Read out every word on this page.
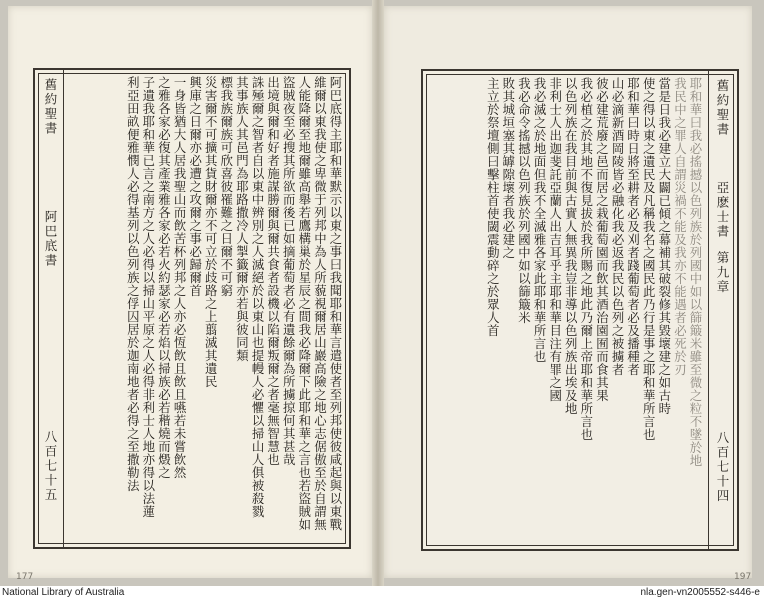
舊約聖書
阿巴底書
八百七十五	阿巴底得主耶和華默示以東之事曰我聞耶和華言遣使者至列邦使彼咸起與以東戰
維爾以東我使之卑微于列邦中為人所藐視爾居山巖高險之地心志倨傲至於自謂無
人能降爾至地爾雖高舉若鷹構巢於星辰之間我必降爾下此耶和華之言也若盜賊如
盜賊夜至必搜其所欲而後已如摘葡萄者必有遺餘爾為所擄掠何其甚哉
出境與爾和好者施謀勝爾與爾共食者設機以陷爾叛爾之者毫無智慧也
誅殛爾之智者自以東中辨別之人滅絕於以東山也提幔人必懼以掃山人俱被殺戮
其事族人其邑門為耶路撒冷人掣籤爾亦若與彼同類
標我族爾族可欣喜彼罹難之日爾不可窮
災害爾不可擴其貨財爾亦不可立於歧路之上翦滅其遺民
興庫之日爾亦必遭之攻爾之事必歸爾首
一身皆猶大人居我聖山而飲苦杯列邦之人亦必恆飲且飲且嚥若未嘗飲然
之雅各家必復其產業雅各家必若火約瑟家必若焰以掃族必若稭燒而燬之
子遺我耶和華已言之南方之人必得以掃山平原之人必得非利士人地亦得以法蓮
利亞田畝便雅憫人必得基列以色列族之俘囚居於迦南地者必得之至撒勒法
177
耶和華曰我必搖撼以色列族於列國中如以篩簸米雖至微之粒不墜於地
我民中之罪人自謂災禍不能及我亦不能遇者必死於刃
當是日我必建立大闢已傾之幕補其破裂修其毀壞建之如古時
使之得以東之遺民及凡稱我名之國民此乃行是事之耶和華所言也
耶和華曰時日將至耕者必及刈者踐葡萄者必及播種者
山必滴新酒岡陵皆必融化我必返我民以色列之被擄者
彼必建荒廢之邑而居之栽葡萄園而飲其酒治園囿而食其果
我必植之於其地不復見拔於我所賜之地此乃爾上帝耶和華所言也
以色列族在我目前與古實人無異我豈非導以色列族出埃及地
非利士人出迦斐託亞蘭人出吉耳乎主耶和華目注有罪之國
我必滅之於地面但我不全滅雅各家此耶和華所言也
我必命令搖撼以色列族於列國中如以篩簸米
敗其城垣塞其罅隙壞者我必建之
主立於祭壇側曰擊柱首使閾震動碎之於眾人首	舊約聖書
亞麽士書
第九章
八百七十四
197
National Library of Australia	nla.gen-vn2005552-s446-e
